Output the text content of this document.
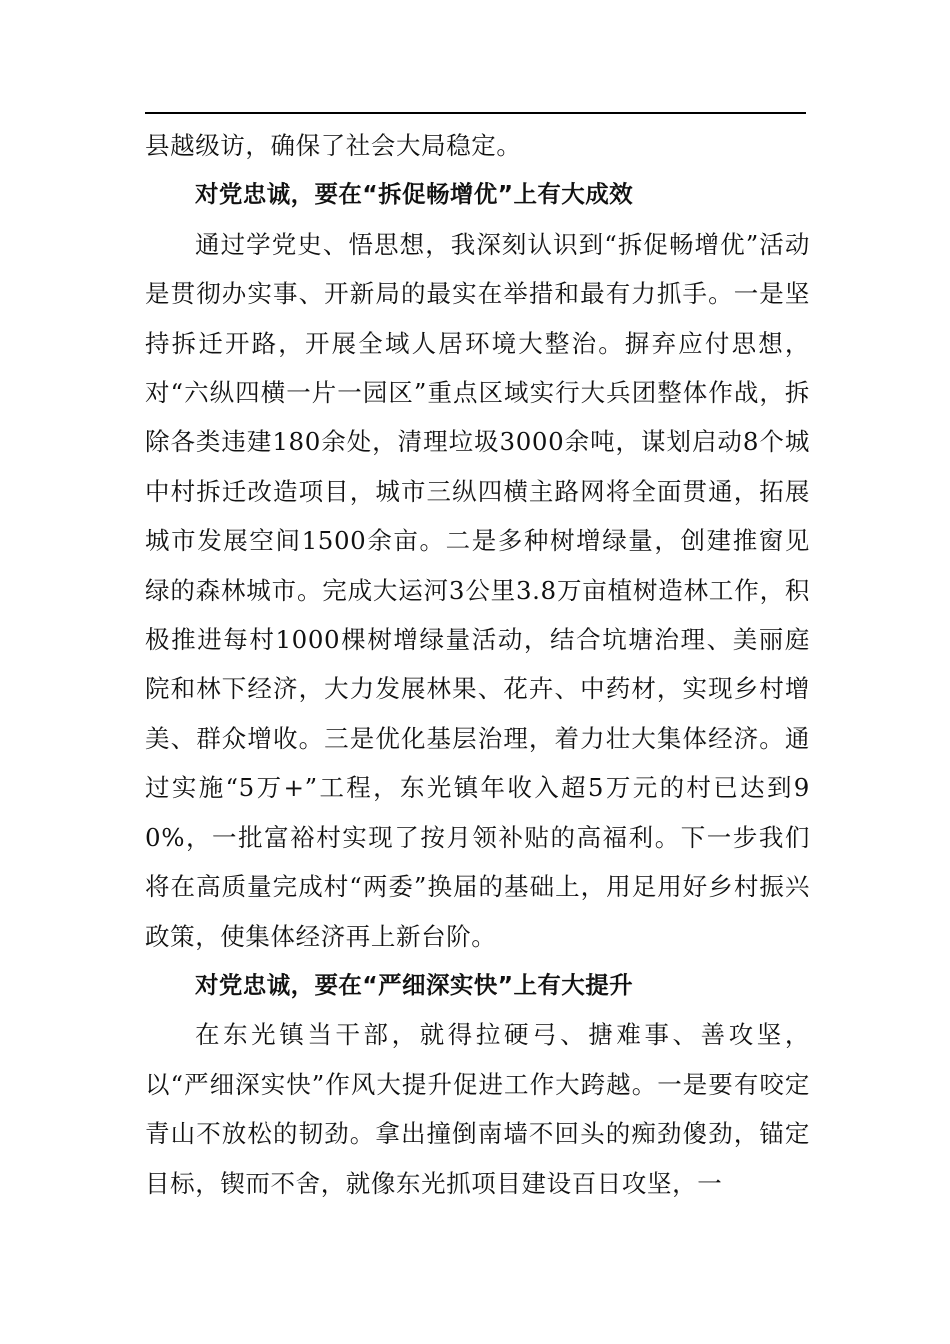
县越级访，确保了社会大局稳定。

对党忠诚，要在“拆促畅增优”上有大成效

通过学党史、悟思想，我深刻认识到“拆促畅增优”活动是贯彻办实事、开新局的最实在举措和最有力抓手。一是坚持拆迁开路，开展全域人居环境大整治。摒弃应付思想，对“六纵四横一片一园区”重点区域实行大兵团整体作战，拆除各类违建180余处，清理垃圾3000余吨，谋划启动8个城中村拆迁改造项目，城市三纵四横主路网将全面贯通，拓展城市发展空间1500余亩。二是多种树增绿量，创建推窗见绿的森林城市。完成大运河3公里3.8万亩植树造林工作，积极推进每村1000棵树增绿量活动，结合坑塘治理、美丽庭院和林下经济，大力发展林果、花卉、中药材，实现乡村增美、群众增收。三是优化基层治理，着力壮大集体经济。通过实施“5万+”工程，东光镇年收入超5万元的村已达到90%，一批富裕村实现了按月领补贴的高福利。下一步我们将在高质量完成村“两委”换届的基础上，用足用好乡村振兴政策，使集体经济再上新台阶。

对党忠诚，要在“严细深实快”上有大提升

在东光镇当干部，就得拉硬弓、搪难事、善攻坚，以“严细深实快”作风大提升促进工作大跨越。一是要有咬定青山不放松的韧劲。拿出撞倒南墙不回头的痴劲傻劲，锚定目标，锲而不舍，就像东光抓项目建设百日攻坚，一
